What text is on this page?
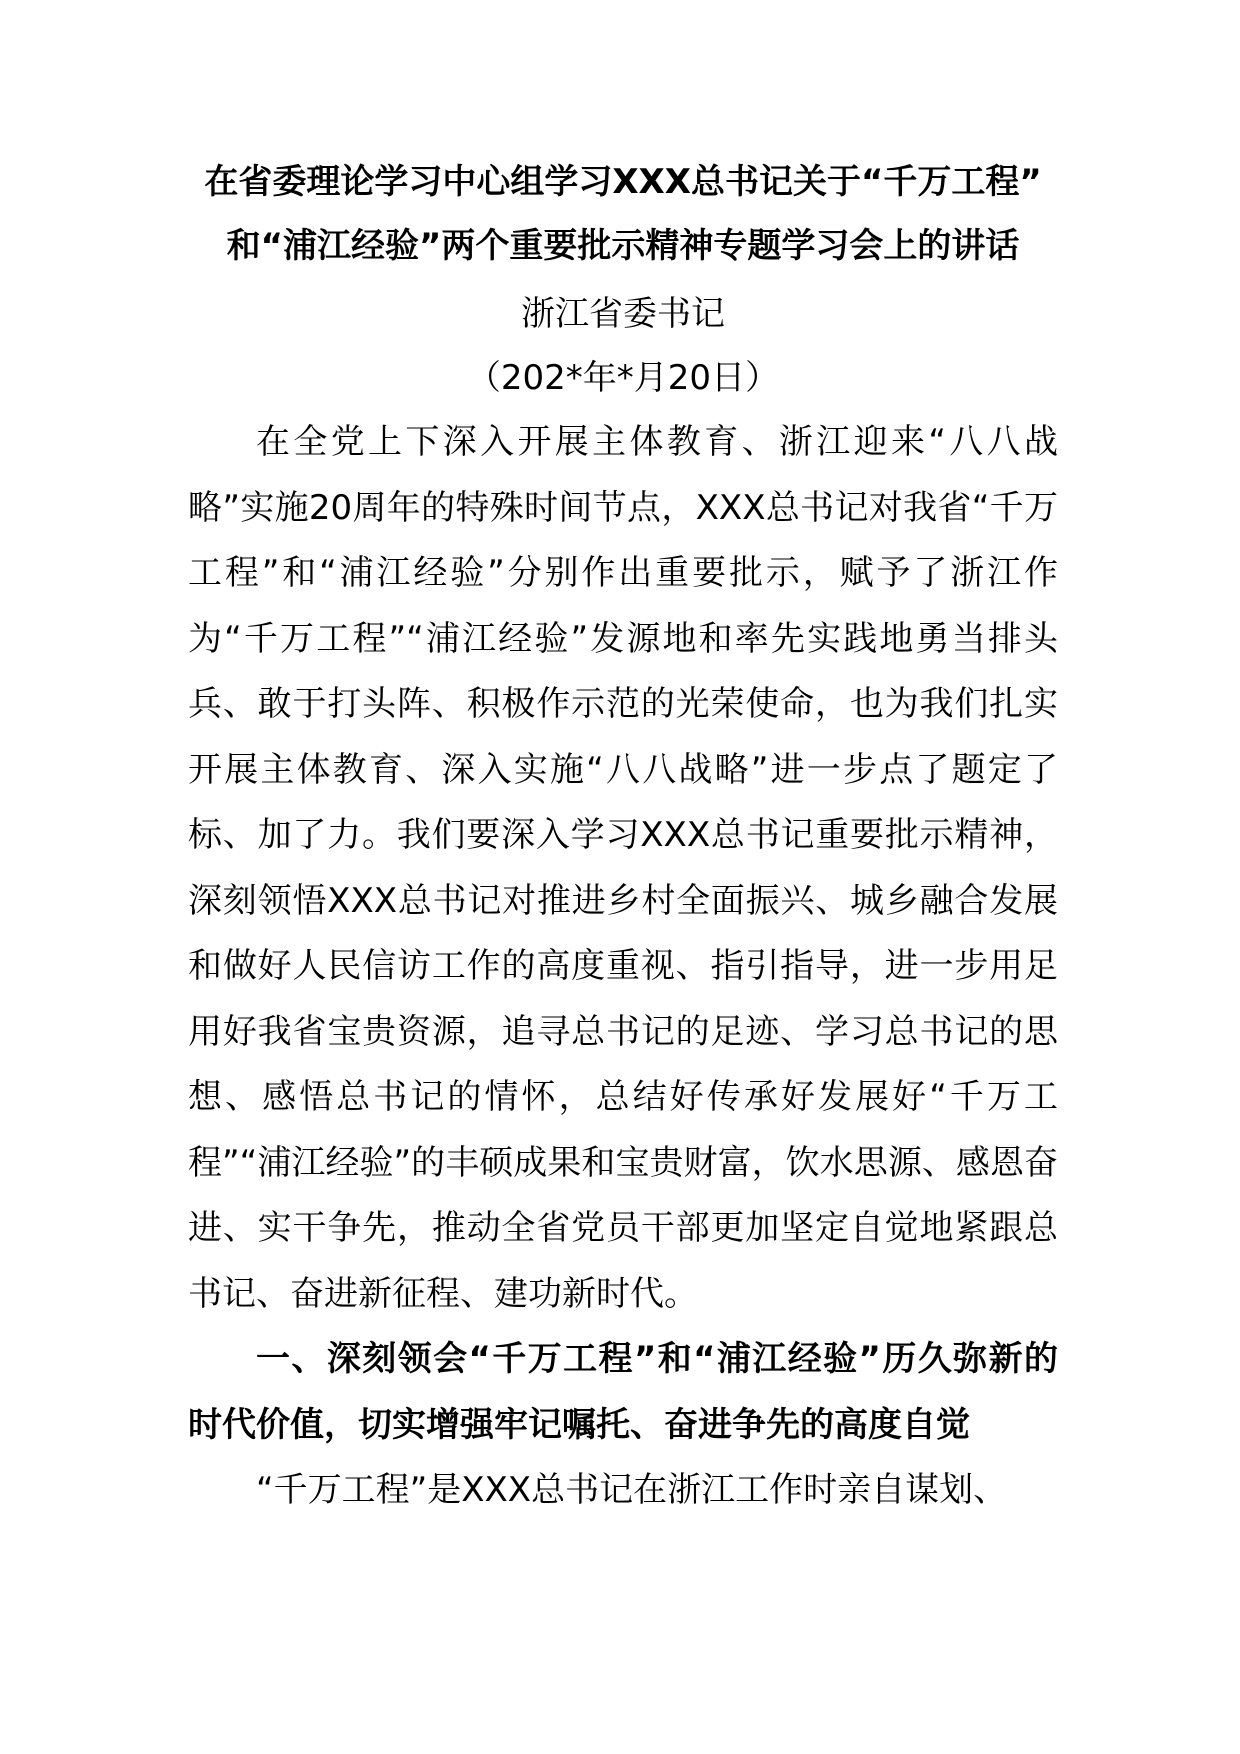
在省委理论学习中心组学习XXX总书记关于“千万工程”

和“浦江经验”两个重要批示精神专题学习会上的讲话

浙江省委书记

（202*年*月20日）

在全党上下深入开展主体教育、浙江迎来“八八战略”实施20周年的特殊时间节点，XXX总书记对我省“千万工程”和“浦江经验”分别作出重要批示，赋予了浙江作为“千万工程”“浦江经验”发源地和率先实践地勇当排头兵、敢于打头阵、积极作示范的光荣使命，也为我们扎实开展主体教育、深入实施“八八战略”进一步点了题定了标、加了力。我们要深入学习XXX总书记重要批示精神，深刻领悟XXX总书记对推进乡村全面振兴、城乡融合发展和做好人民信访工作的高度重视、指引指导，进一步用足用好我省宝贵资源，追寻总书记的足迹、学习总书记的思想、感悟总书记的情怀，总结好传承好发展好“千万工程”“浦江经验”的丰硕成果和宝贵财富，饮水思源、感恩奋进、实干争先，推动全省党员干部更加坚定自觉地紧跟总书记、奋进新征程、建功新时代。

一、深刻领会“千万工程”和“浦江经验”历久弥新的时代价值，切实增强牢记嘱托、奋进争先的高度自觉

“千万工程”是XXX总书记在浙江工作时亲自谋划、
